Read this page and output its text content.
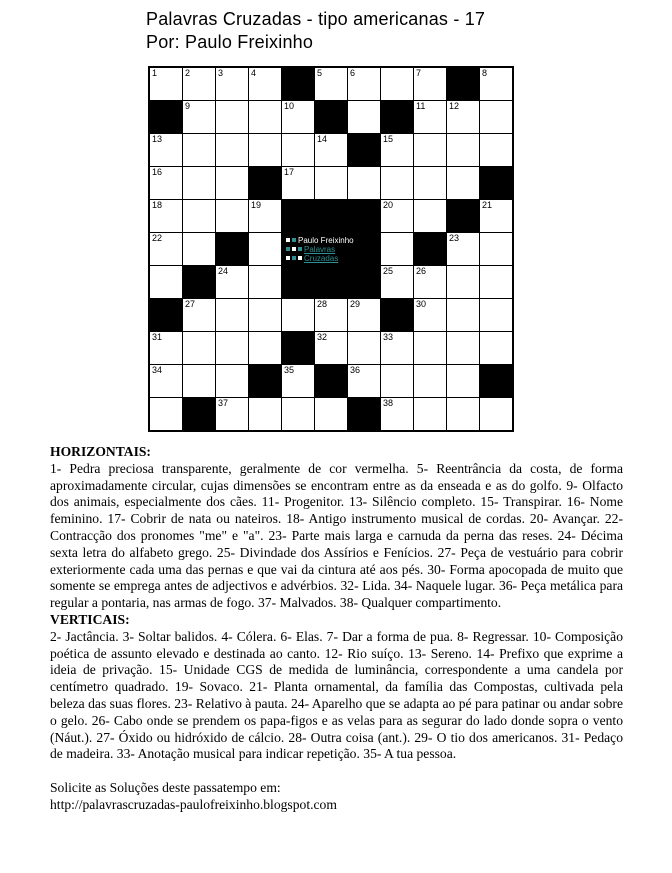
Palavras Cruzadas - tipo americanas - 17
Por: Paulo Freixinho
1	2	3	4	5	6	7	8
9	10	11	12
13	14	15
16	17
18	19	20	21
22	23
24	25	26
27	28	29	30
31	32	33
34	35	36
37	38
Paulo Freixinho
Palavras
Cruzadas
HORIZONTAIS:
1- Pedra preciosa transparente, geralmente de cor vermelha. 5- Reentrância da costa, de forma aproximadamente circular, cujas dimensões se encontram entre as da enseada e as do golfo. 9- Olfacto dos animais, especialmente dos cães. 11- Progenitor. 13- Silêncio completo. 15- Transpirar. 16- Nome feminino. 17- Cobrir de nata ou nateiros. 18- Antigo instrumento musical de cordas. 20- Avançar. 22- Contracção dos pronomes "me" e "a". 23- Parte mais larga e carnuda da perna das reses. 24- Décima sexta letra do alfabeto grego. 25- Divindade dos Assírios e Fenícios. 27- Peça de vestuário para cobrir exteriormente cada uma das pernas e que vai da cintura até aos pés. 30- Forma apocopada de muito que somente se emprega antes de adjectivos e advérbios. 32- Lida. 34- Naquele lugar. 36- Peça metálica para regular a pontaria, nas armas de fogo. 37- Malvados. 38- Qualquer compartimento.
VERTICAIS:
2- Jactância. 3- Soltar balidos. 4- Cólera. 6- Elas. 7- Dar a forma de pua. 8- Regressar. 10- Composição poética de assunto elevado e destinada ao canto. 12- Rio suíço. 13- Sereno. 14- Prefixo que exprime a ideia de privação. 15- Unidade CGS de medida de luminância, correspondente a uma candela por centímetro quadrado. 19- Sovaco. 21- Planta ornamental, da família das Compostas, cultivada pela beleza das suas flores. 23- Relativo à pauta. 24- Aparelho que se adapta ao pé para patinar ou andar sobre o gelo. 26- Cabo onde se prendem os papa-figos e as velas para as segurar do lado donde sopra o vento (Náut.). 27- Óxido ou hidróxido de cálcio. 28- Outra coisa (ant.). 29- O tio dos americanos. 31- Pedaço de madeira. 33- Anotação musical para indicar repetição. 35- A tua pessoa.
Solicite as Soluções deste passatempo em:
http://palavrascruzadas-paulofreixinho.blogspot.com
